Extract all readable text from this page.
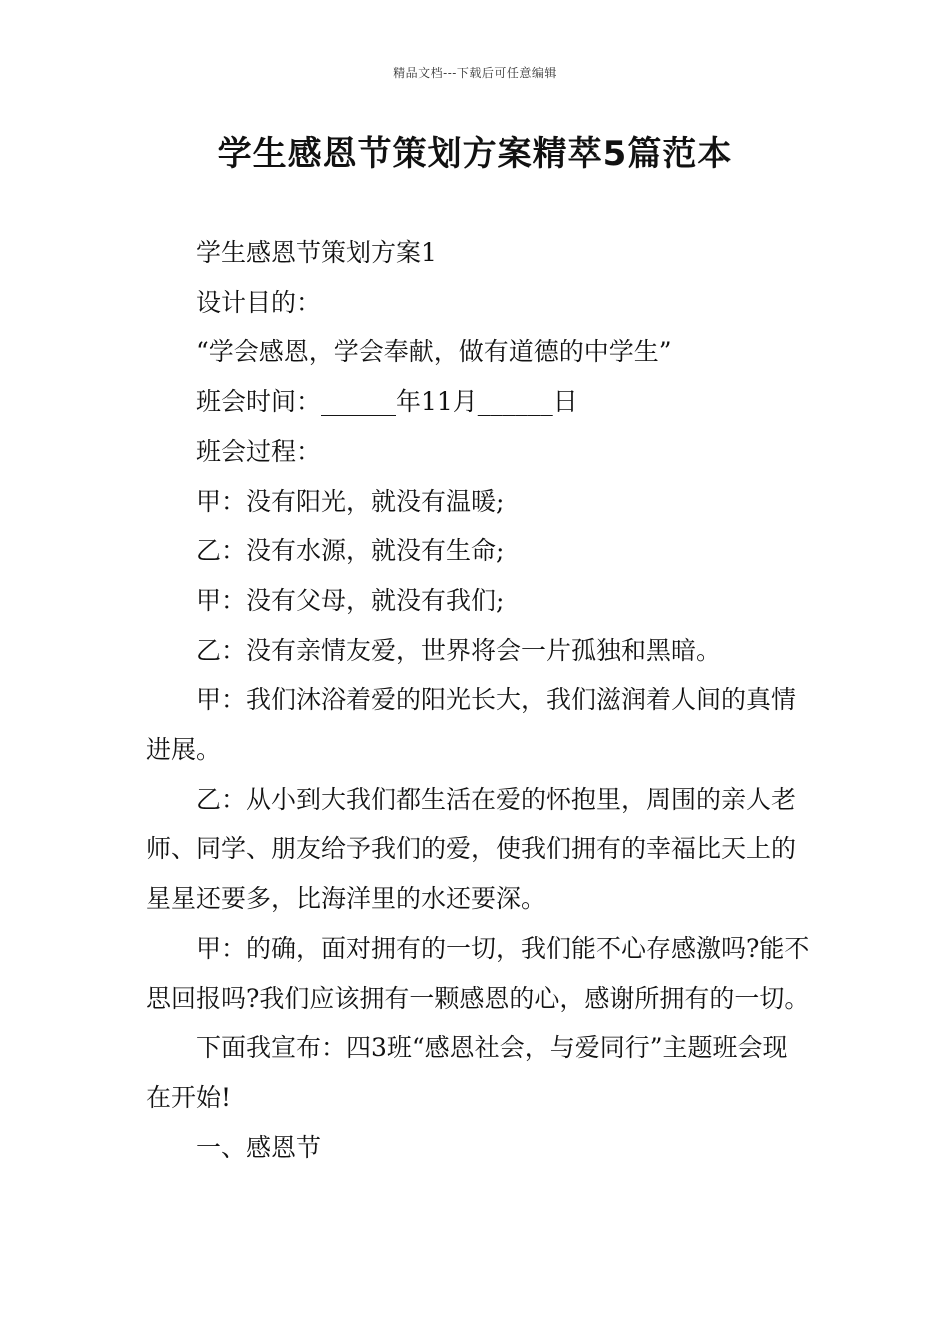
精品文档---下载后可任意编辑
学生感恩节策划方案精萃5篇范本

学生感恩节策划方案1

设计目的：

“学会感恩，学会奉献，做有道德的中学生”

班会时间：______年11月______日

班会过程：

甲：没有阳光，就没有温暖;

乙：没有水源，就没有生命;

甲：没有父母，就没有我们;

乙：没有亲情友爱，世界将会一片孤独和黑暗。

甲：我们沐浴着爱的阳光长大，我们滋润着人间的真情进展。

乙：从小到大我们都生活在爱的怀抱里，周围的亲人老师、同学、朋友给予我们的爱，使我们拥有的幸福比天上的星星还要多，比海洋里的水还要深。

甲：的确，面对拥有的一切，我们能不心存感激吗?能不思回报吗?我们应该拥有一颗感恩的心，感谢所拥有的一切。

下面我宣布：四3班“感恩社会，与爱同行”主题班会现在开始!

一、感恩节
